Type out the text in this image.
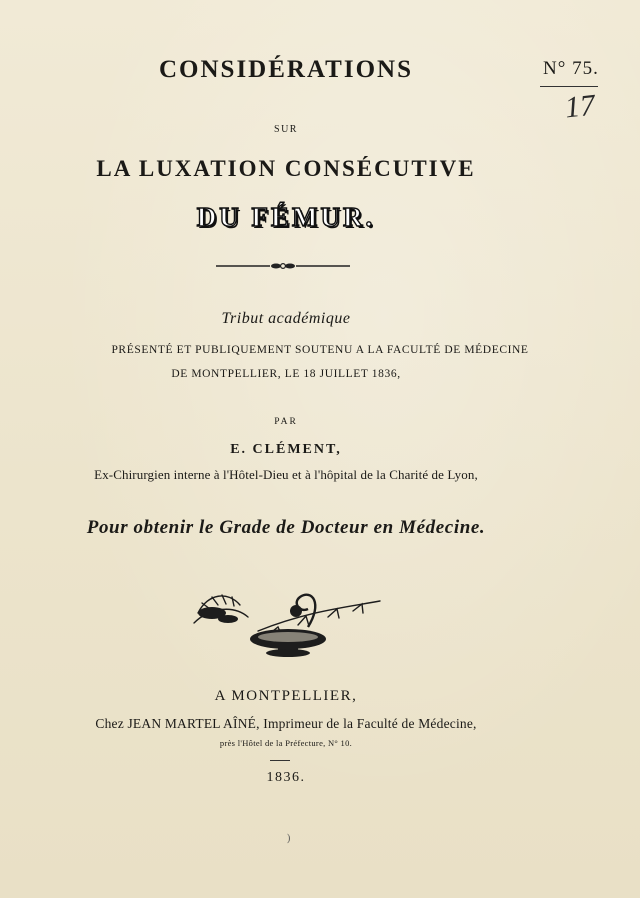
N° 75.
17
CONSIDÉRATIONS
SUR
LA LUXATION CONSÉCUTIVE
DU FÉMUR.
Tribut académique
PRÉSENTÉ ET PUBLIQUEMENT SOUTENU A LA FACULTÉ DE MÉDECINE
DE MONTPELLIER, LE 18 JUILLET 1836,
PAR
E. CLÉMENT,
Ex-Chirurgien interne à l'Hôtel-Dieu et à l'hôpital de la Charité de Lyon,
Pour obtenir le Grade de Docteur en Médecine.
A MONTPELLIER,
Chez JEAN MARTEL AÎNÉ, Imprimeur de la Faculté de Médecine,
près l'Hôtel de la Préfecture, N° 10.
1836.
)
